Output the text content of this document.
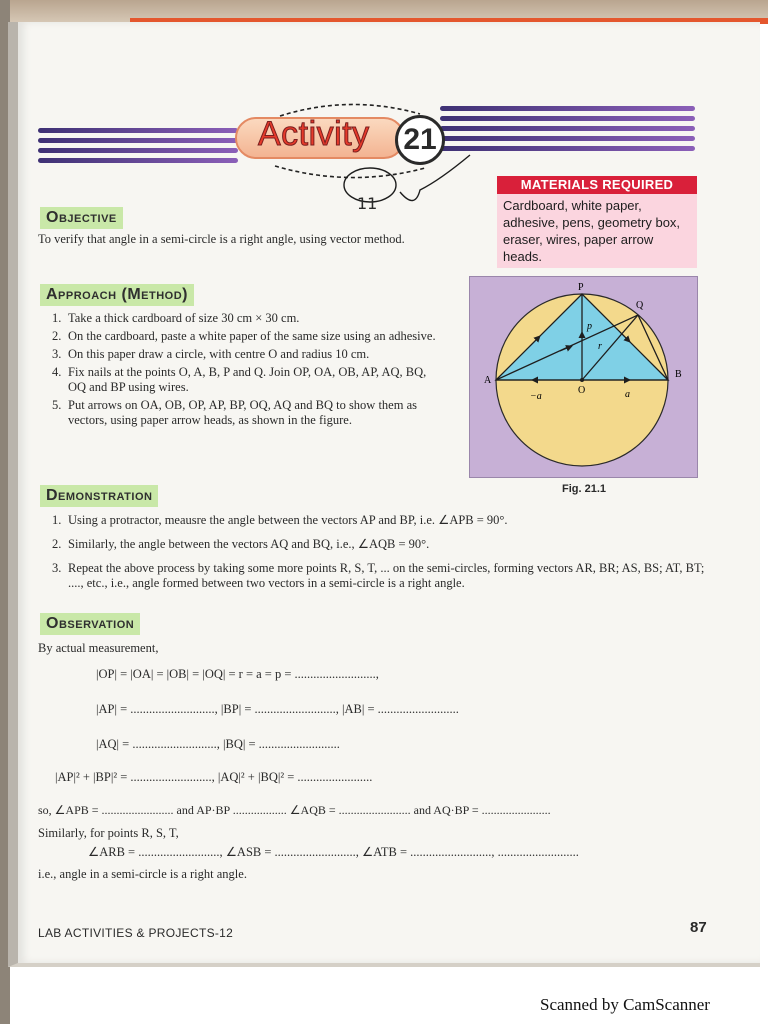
Activity 21
11
MATERIALS REQUIRED
Cardboard, white paper, adhesive, pens, geometry box, eraser, wires, paper arrow heads.
Objective
To verify that angle in a semi-circle is a right angle, using vector method.
Approach (Method)
1. Take a thick cardboard of size 30 cm × 30 cm.
2. On the cardboard, paste a white paper of the same size using an adhesive.
3. On this paper draw a circle, with centre O and radius 10 cm.
4. Fix nails at the points O, A, B, P and Q. Join OP, OA, OB, AP, AQ, BQ, OQ and BP using wires.
5. Put arrows on OA, OB, OP, AP, BP, OQ, AQ and BQ to show them as vectors, using paper arrow heads, as shown in the figure.
P
Q
A
B
O
p
r
−a	a
Fig. 21.1
Demonstration
1. Using a protractor, meausre the angle between the vectors AP and BP, i.e. ∠APB = 90°.
2. Similarly, the angle between the vectors AQ and BQ, i.e., ∠AQB = 90°.
3. Repeat the above process by taking some more points R, S, T, ... on the semi-circles, forming vectors AR, BR; AS, BS; AT, BT; ...., etc., i.e., angle formed between two vectors in a semi-circle is a right angle.
Observation
By actual measurement,
|OP| = |OA| = |OB| = |OQ| = r = a = p = ..........................,
|AP| = ..........................., |BP| = .........................., |AB| = ..........................
|AQ| = ..........................., |BQ| = ..........................
|AP|² + |BP|² = .........................., |AQ|² + |BQ|² = ........................
so, ∠APB = ........................ and AP·BP .................. ∠AQB = ........................ and AQ·BP = .......................
Similarly, for points R, S, T,
∠ARB = .........................., ∠ASB = .........................., ∠ATB = .........................., ..........................
i.e., angle in a semi-circle is a right angle.
LAB ACTIVITIES & PROJECTS-12	87
Scanned by CamScanner
